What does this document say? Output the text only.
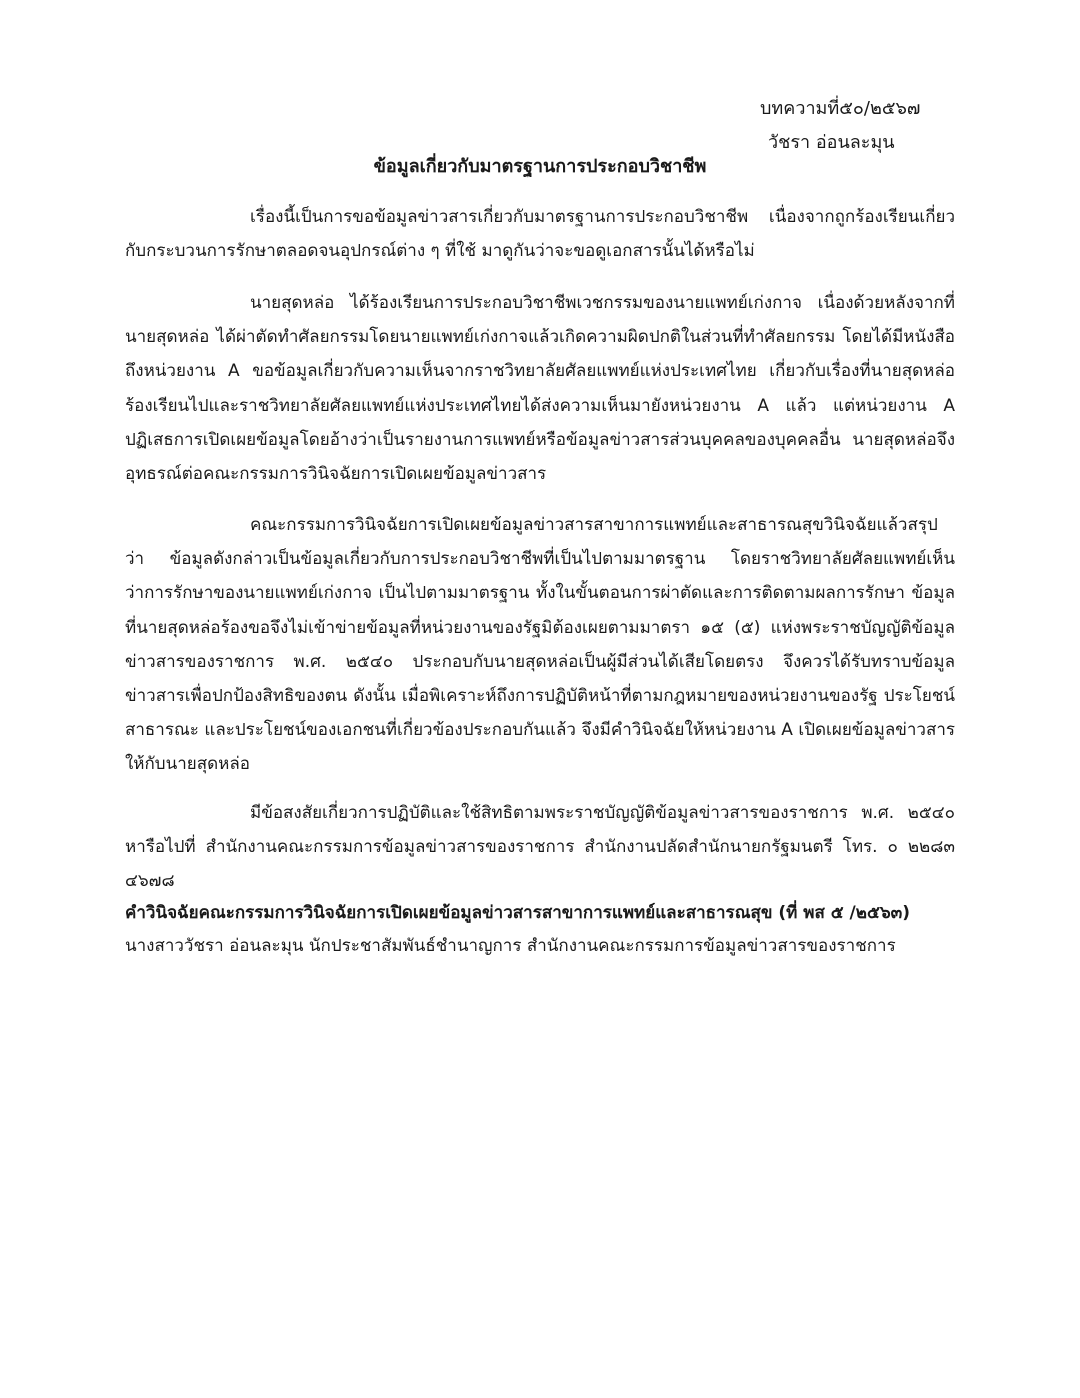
บทความที่๕๐/๒๕๖๗
วัชรา อ่อนละมุน
ข้อมูลเกี่ยวกับมาตรฐานการประกอบวิชาชีพ
เรื่องนี้เป็นการขอข้อมูลข่าวสารเกี่ยวกับมาตรฐานการประกอบวิชาชีพ เนื่องจากถูกร้องเรียนเกี่ยวกับกระบวนการรักษาตลอดจนอุปกรณ์ต่าง ๆ ที่ใช้ มาดูกันว่าจะขอดูเอกสารนั้นได้หรือไม่
นายสุดหล่อ ได้ร้องเรียนการประกอบวิชาชีพเวชกรรมของนายแพทย์เก่งกาจ เนื่องด้วยหลังจากที่นายสุดหล่อ ได้ผ่าตัดทำศัลยกรรมโดยนายแพทย์เก่งกาจแล้วเกิดความผิดปกติในส่วนที่ทำศัลยกรรม โดยได้มีหนังสือถึงหน่วยงาน A ขอข้อมูลเกี่ยวกับความเห็นจากราชวิทยาลัยศัลยแพทย์แห่งประเทศไทย เกี่ยวกับเรื่องที่นายสุดหล่อร้องเรียนไปและราชวิทยาลัยศัลยแพทย์แห่งประเทศไทยได้ส่งความเห็นมายังหน่วยงาน A แล้ว แต่หน่วยงาน A ปฏิเสธการเปิดเผยข้อมูลโดยอ้างว่าเป็นรายงานการแพทย์หรือข้อมูลข่าวสารส่วนบุคคลของบุคคลอื่น นายสุดหล่อจึงอุทธรณ์ต่อคณะกรรมการวินิจฉัยการเปิดเผยข้อมูลข่าวสาร
คณะกรรมการวินิจฉัยการเปิดเผยข้อมูลข่าวสารสาขาการแพทย์และสาธารณสุขวินิจฉัยแล้วสรุปว่า ข้อมูลดังกล่าวเป็นข้อมูลเกี่ยวกับการประกอบวิชาชีพที่เป็นไปตามมาตรฐาน โดยราชวิทยาลัยศัลยแพทย์เห็นว่าการรักษาของนายแพทย์เก่งกาจ เป็นไปตามมาตรฐาน ทั้งในขั้นตอนการผ่าตัดและการติดตามผลการรักษา ข้อมูลที่นายสุดหล่อร้องขอจึงไม่เข้าข่ายข้อมูลที่หน่วยงานของรัฐมิต้องเผยตามมาตรา ๑๕ (๕) แห่งพระราชบัญญัติข้อมูลข่าวสารของราชการ พ.ศ. ๒๕๔๐ ประกอบกับนายสุดหล่อเป็นผู้มีส่วนได้เสียโดยตรง จึงควรได้รับทราบข้อมูลข่าวสารเพื่อปกป้องสิทธิของตน ดังนั้น เมื่อพิเคราะห์ถึงการปฏิบัติหน้าที่ตามกฎหมายของหน่วยงานของรัฐ ประโยชน์สาธารณะ และประโยชน์ของเอกชนที่เกี่ยวข้องประกอบกันแล้ว จึงมีคำวินิจฉัยให้หน่วยงาน A เปิดเผยข้อมูลข่าวสารให้กับนายสุดหล่อ
มีข้อสงสัยเกี่ยวการปฏิบัติและใช้สิทธิตามพระราชบัญญัติข้อมูลข่าวสารของราชการ พ.ศ. ๒๕๔๐ หารือไปที่ สำนักงานคณะกรรมการข้อมูลข่าวสารของราชการ สำนักงานปลัดสำนักนายกรัฐมนตรี โทร. ๐ ๒๒๘๓ ๔๖๗๘
คำวินิจฉัยคณะกรรมการวินิจฉัยการเปิดเผยข้อมูลข่าวสารสาขาการแพทย์และสาธารณสุข (ที่ พส ๕ /๒๕๖๓)
นางสาววัชรา อ่อนละมุน นักประชาสัมพันธ์ชำนาญการ สำนักงานคณะกรรมการข้อมูลข่าวสารของราชการ
